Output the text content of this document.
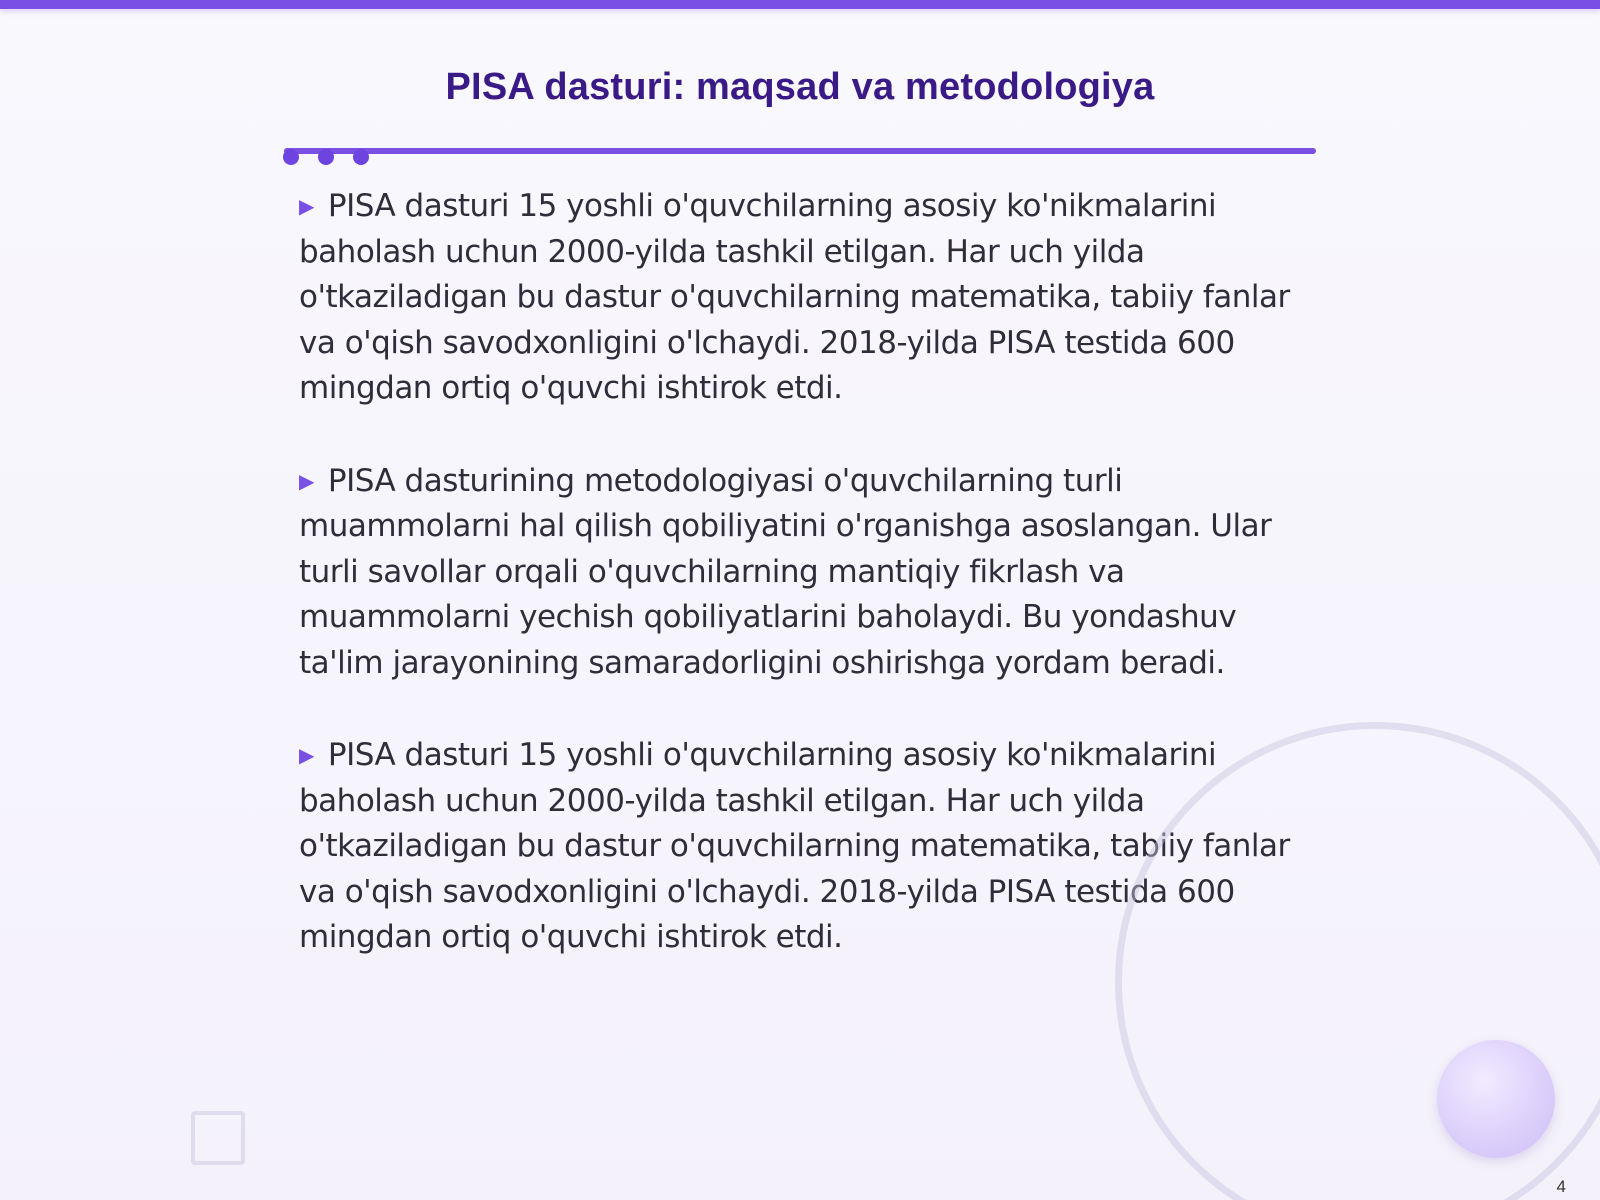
PISA dasturi: maqsad va metodologiya

▶ PISA dasturi 15 yoshli o'quvchilarning asosiy ko'nikmalarini baholash uchun 2000-yilda tashkil etilgan. Har uch yilda o'tkaziladigan bu dastur o'quvchilarning matematika, tabiiy fanlar va o'qish savodxonligini o'lchaydi. 2018-yilda PISA testida 600 mingdan ortiq o'quvchi ishtirok etdi.

▶ PISA dasturining metodologiyasi o'quvchilarning turli muammolarni hal qilish qobiliyatini o'rganishga asoslangan. Ular turli savollar orqali o'quvchilarning mantiqiy fikrlash va muammolarni yechish qobiliyatlarini baholaydi. Bu yondashuv ta'lim jarayonining samaradorligini oshirishga yordam beradi.

▶ PISA dasturi 15 yoshli o'quvchilarning asosiy ko'nikmalarini baholash uchun 2000-yilda tashkil etilgan. Har uch yilda o'tkaziladigan bu dastur o'quvchilarning matematika, tabiiy fanlar va o'qish savodxonligini o'lchaydi. 2018-yilda PISA testida 600 mingdan ortiq o'quvchi ishtirok etdi.

4
